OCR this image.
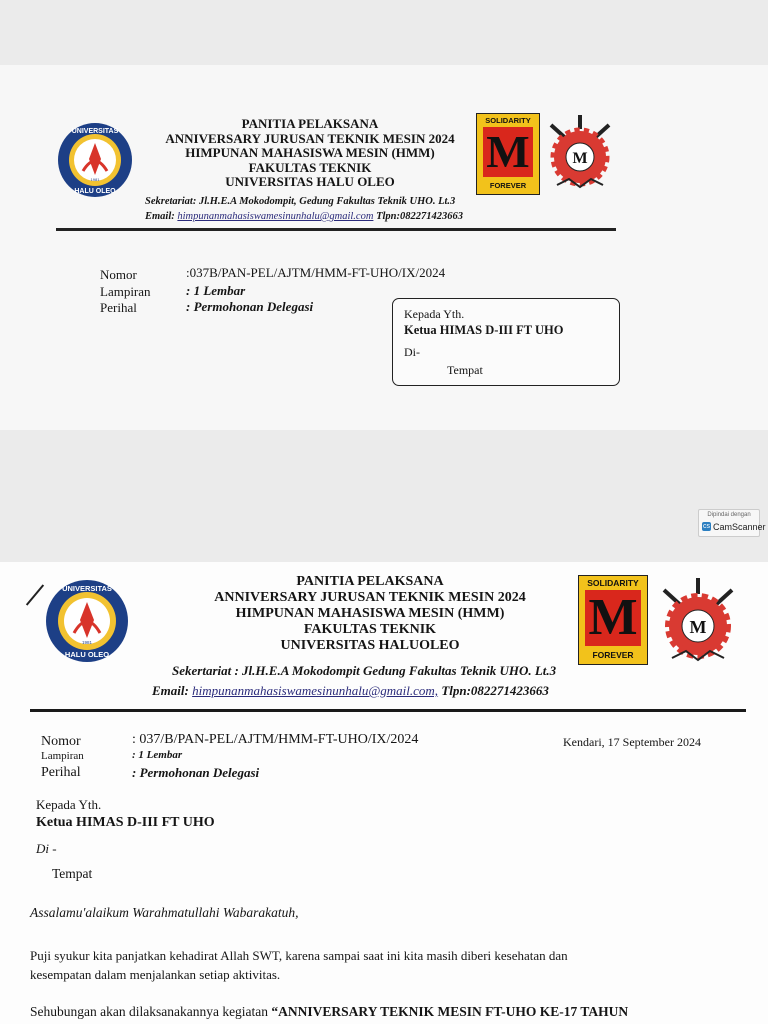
UNIVERSITAS
HALU OLEO
1981
PANITIA PELAKSANA
ANNIVERSARY JURUSAN TEKNIK MESIN 2024
HIMPUNAN MAHASISWA MESIN (HMM)
FAKULTAS TEKNIK
UNIVERSITAS HALU OLEO
Sekretariat: Jl.H.E.A Mokodompit, Gedung Fakultas Teknik UHO. Lt.3
Email: himpunanmahasiswamesinunhalu@gmail.com Tlpn:082271423663
SOLIDARITY
M
FOREVER
M
Nomor	:037B/PAN-PEL/AJTM/HMM-FT-UHO/IX/2024
Lampiran	: 1 Lembar
Perihal	: Permohonan Delegasi	Kepada Yth.
Ketua HIMAS D-III FT UHO
Di-
Tempat
Dipindai dengan
cs CamScanner
UNIVERSITAS
HALU OLEO
1981
PANITIA PELAKSANA
ANNIVERSARY JURUSAN TEKNIK MESIN 2024
HIMPUNAN MAHASISWA MESIN (HMM)
FAKULTAS TEKNIK
UNIVERSITAS HALUOLEO
Sekertariat : Jl.H.E.A Mokodompit Gedung Fakultas Teknik UHO. Lt.3
Email: himpunanmahasiswamesinunhalu@gmail.com, Tlpn:082271423663
SOLIDARITY
M
FOREVER
M
Nomor	: 037/B/PAN-PEL/AJTM/HMM-FT-UHO/IX/2024
Lampiran	: 1 Lembar
Perihal	: Permohonan Delegasi
Kendari, 17 September 2024
Kepada Yth.
Ketua HIMAS D-III FT UHO
Di -
Tempat
Assalamu'alaikum Warahmatullahi Wabarakatuh,
Puji syukur kita panjatkan kehadirat Allah SWT, karena sampai saat ini kita masih diberi kesehatan dan
kesempatan dalam menjalankan setiap aktivitas.
Sehubungan akan dilaksanakannya kegiatan “ANNIVERSARY TEKNIK MESIN FT-UHO KE-17 TAHUN
